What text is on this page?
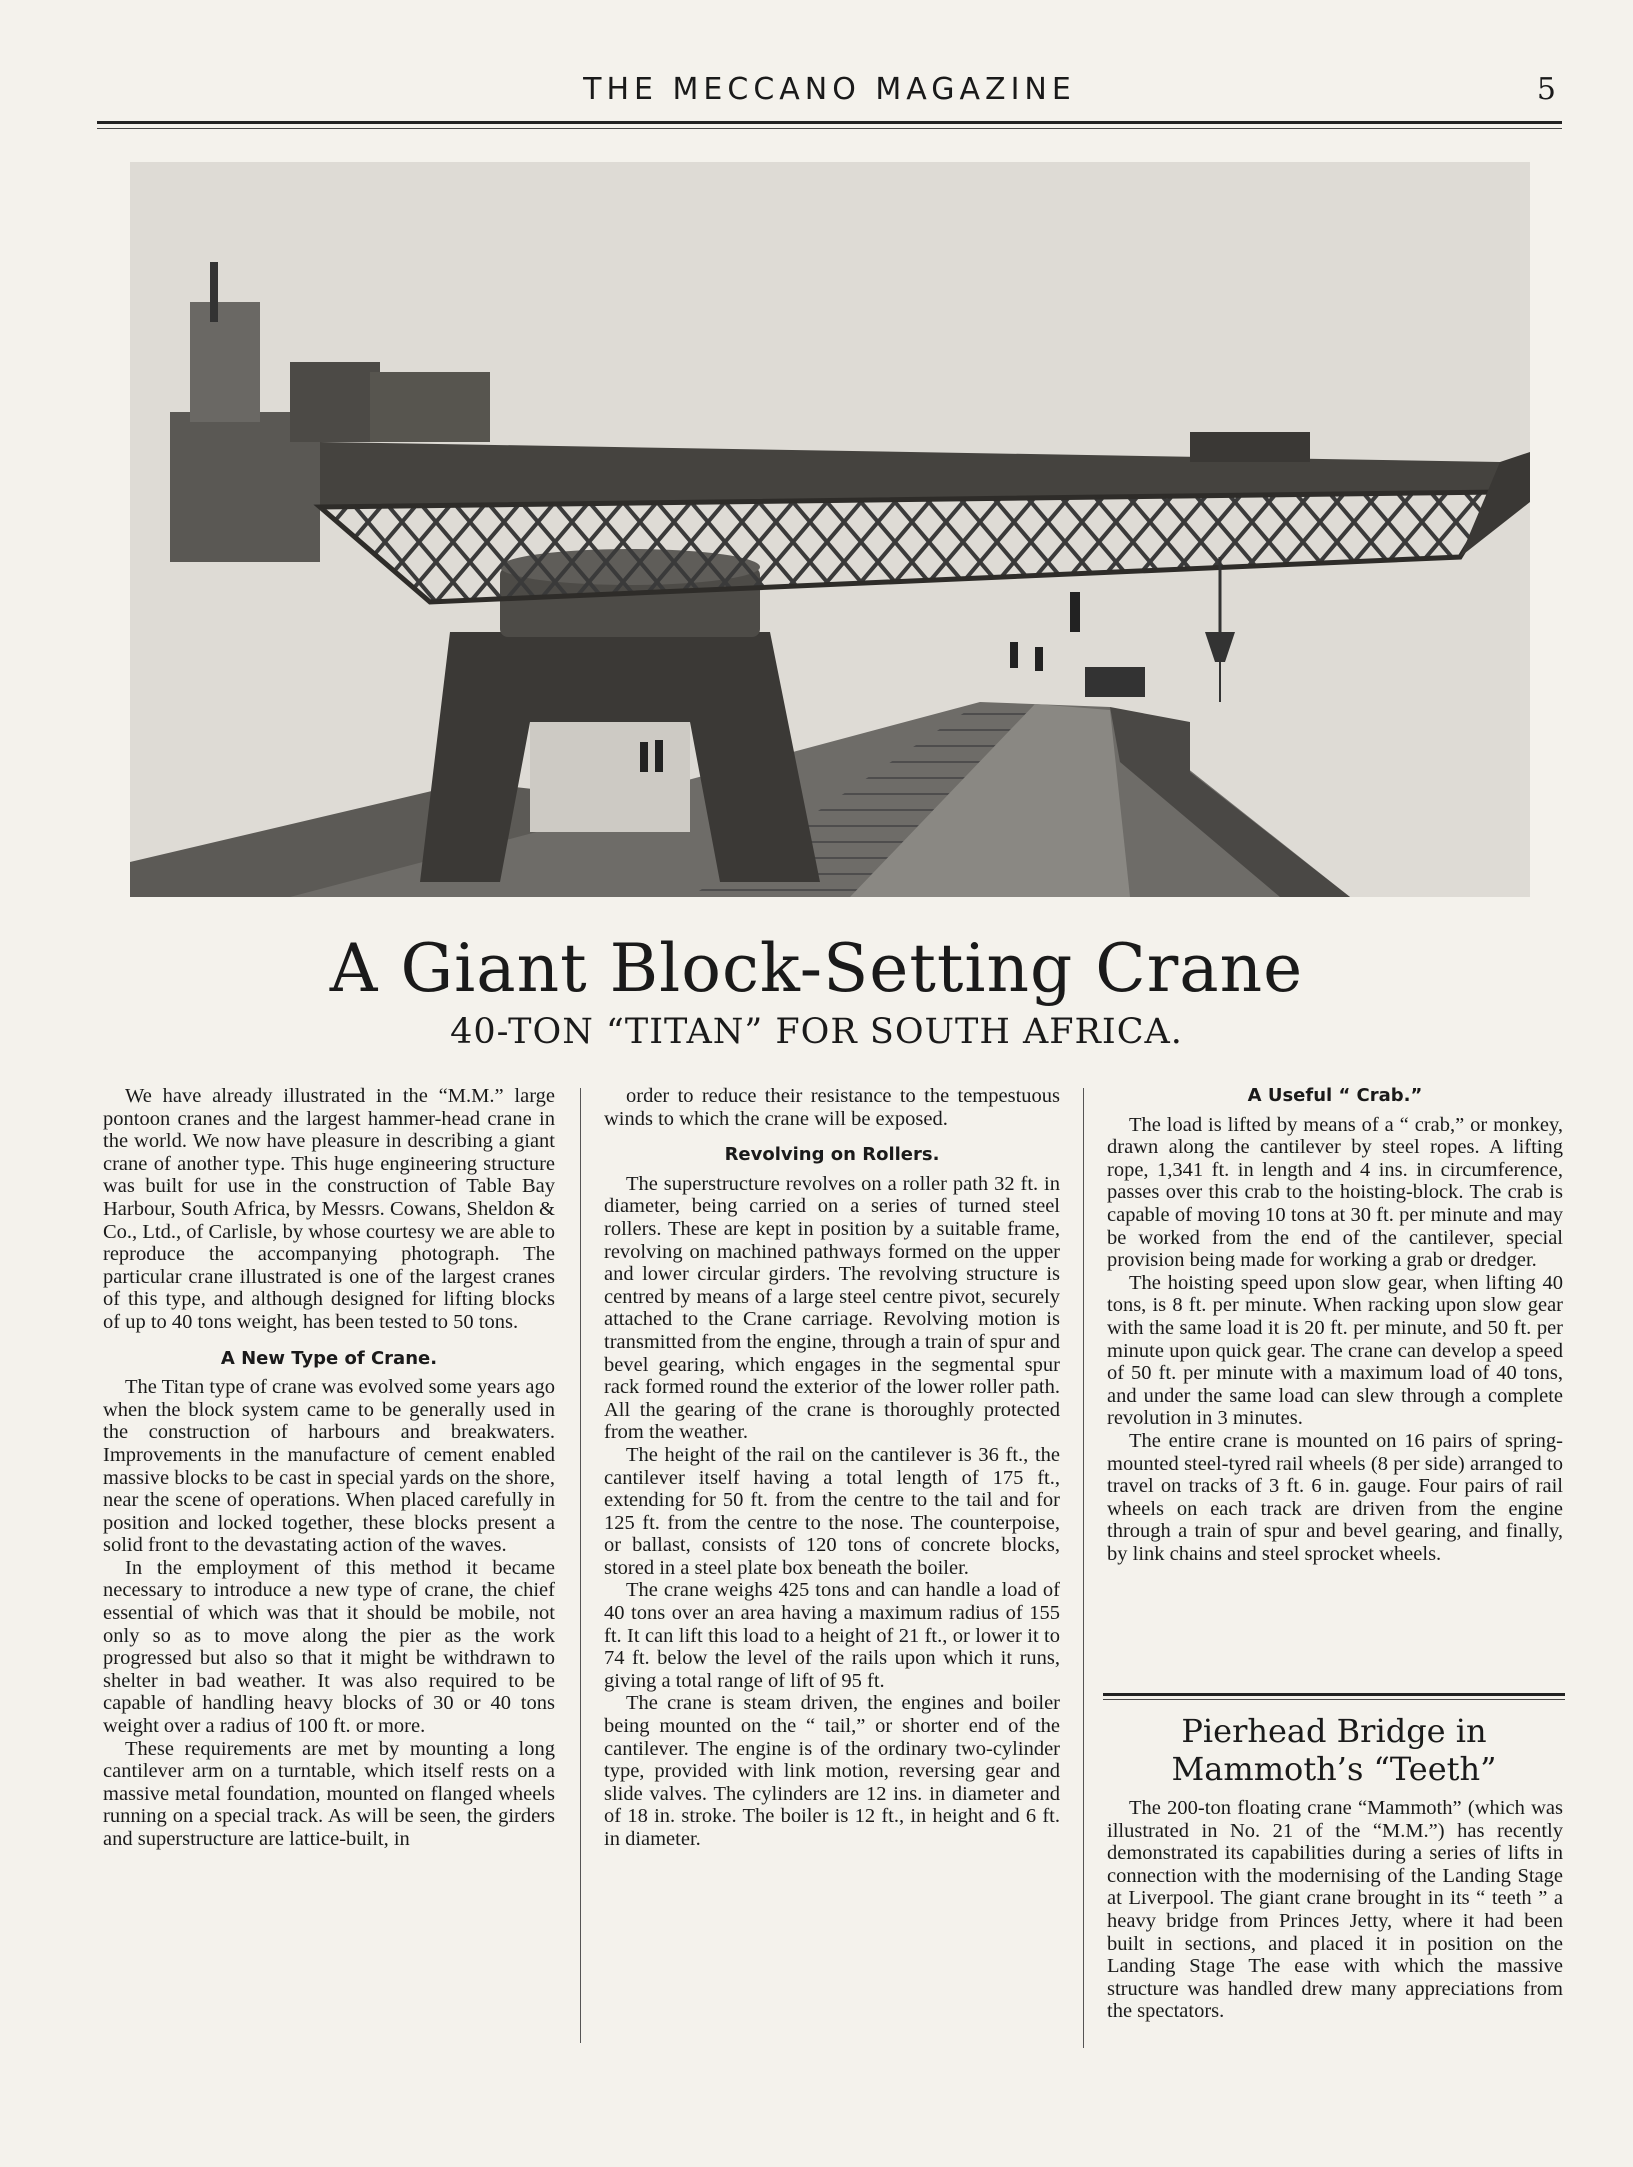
THE MECCANO MAGAZINE	5
A Giant Block-Setting Crane
40-TON “TITAN” FOR SOUTH AFRICA.

We have already illustrated in the “M.M.” large pontoon cranes and the largest hammer-head crane in the world. We now have pleasure in describing a giant crane of another type. This huge engineering structure was built for use in the construction of Table Bay Harbour, South Africa, by Messrs. Cowans, Sheldon & Co., Ltd., of Carlisle, by whose courtesy we are able to reproduce the accompanying photograph. The particular crane illustrated is one of the largest cranes of this type, and although designed for lifting blocks of up to 40 tons weight, has been tested to 50 tons.

A New Type of Crane.

The Titan type of crane was evolved some years ago when the block system came to be generally used in the construction of harbours and breakwaters. Improvements in the manufacture of cement enabled massive blocks to be cast in special yards on the shore, near the scene of operations. When placed carefully in position and locked together, these blocks present a solid front to the devastating action of the waves.

In the employment of this method it became necessary to introduce a new type of crane, the chief essential of which was that it should be mobile, not only so as to move along the pier as the work progressed but also so that it might be withdrawn to shelter in bad weather. It was also required to be capable of handling heavy blocks of 30 or 40 tons weight over a radius of 100 ft. or more.

These requirements are met by mounting a long cantilever arm on a turntable, which itself rests on a massive metal foundation, mounted on flanged wheels running on a special track. As will be seen, the girders and superstructure are lattice-built, in

order to reduce their resistance to the tempestuous winds to which the crane will be exposed.

Revolving on Rollers.

The superstructure revolves on a roller path 32 ft. in diameter, being carried on a series of turned steel rollers. These are kept in position by a suitable frame, revolving on machined pathways formed on the upper and lower circular girders. The revolving structure is centred by means of a large steel centre pivot, securely attached to the Crane carriage. Revolving motion is transmitted from the engine, through a train of spur and bevel gearing, which engages in the segmental spur rack formed round the exterior of the lower roller path. All the gearing of the crane is thoroughly protected from the weather.

The height of the rail on the cantilever is 36 ft., the cantilever itself having a total length of 175 ft., extending for 50 ft. from the centre to the tail and for 125 ft. from the centre to the nose. The counterpoise, or ballast, consists of 120 tons of concrete blocks, stored in a steel plate box beneath the boiler.

The crane weighs 425 tons and can handle a load of 40 tons over an area having a maximum radius of 155 ft. It can lift this load to a height of 21 ft., or lower it to 74 ft. below the level of the rails upon which it runs, giving a total range of lift of 95 ft.

The crane is steam driven, the engines and boiler being mounted on the “ tail,” or shorter end of the cantilever. The engine is of the ordinary two-cylinder type, provided with link motion, reversing gear and slide valves. The cylinders are 12 ins. in diameter and of 18 in. stroke. The boiler is 12 ft., in height and 6 ft. in diameter.

A Useful “ Crab.”

The load is lifted by means of a “ crab,” or monkey, drawn along the cantilever by steel ropes. A lifting rope, 1,341 ft. in length and 4 ins. in circumference, passes over this crab to the hoisting-block. The crab is capable of moving 10 tons at 30 ft. per minute and may be worked from the end of the cantilever, special provision being made for working a grab or dredger.

The hoisting speed upon slow gear, when lifting 40 tons, is 8 ft. per minute. When racking upon slow gear with the same load it is 20 ft. per minute, and 50 ft. per minute upon quick gear. The crane can develop a speed of 50 ft. per minute with a maximum load of 40 tons, and under the same load can slew through a complete revolution in 3 minutes.

The entire crane is mounted on 16 pairs of spring-mounted steel-tyred rail wheels (8 per side) arranged to travel on tracks of 3 ft. 6 in. gauge. Four pairs of rail wheels on each track are driven from the engine through a train of spur and bevel gearing, and finally, by link chains and steel sprocket wheels.

Pierhead Bridge in Mammoth’s “Teeth”

The 200-ton floating crane “Mammoth” (which was illustrated in No. 21 of the “M.M.”) has recently demonstrated its capabilities during a series of lifts in connection with the modernising of the Landing Stage at Liverpool. The giant crane brought in its “ teeth ” a heavy bridge from Princes Jetty, where it had been built in sections, and placed it in position on the Landing Stage The ease with which the massive structure was handled drew many appreciations from the spectators.
